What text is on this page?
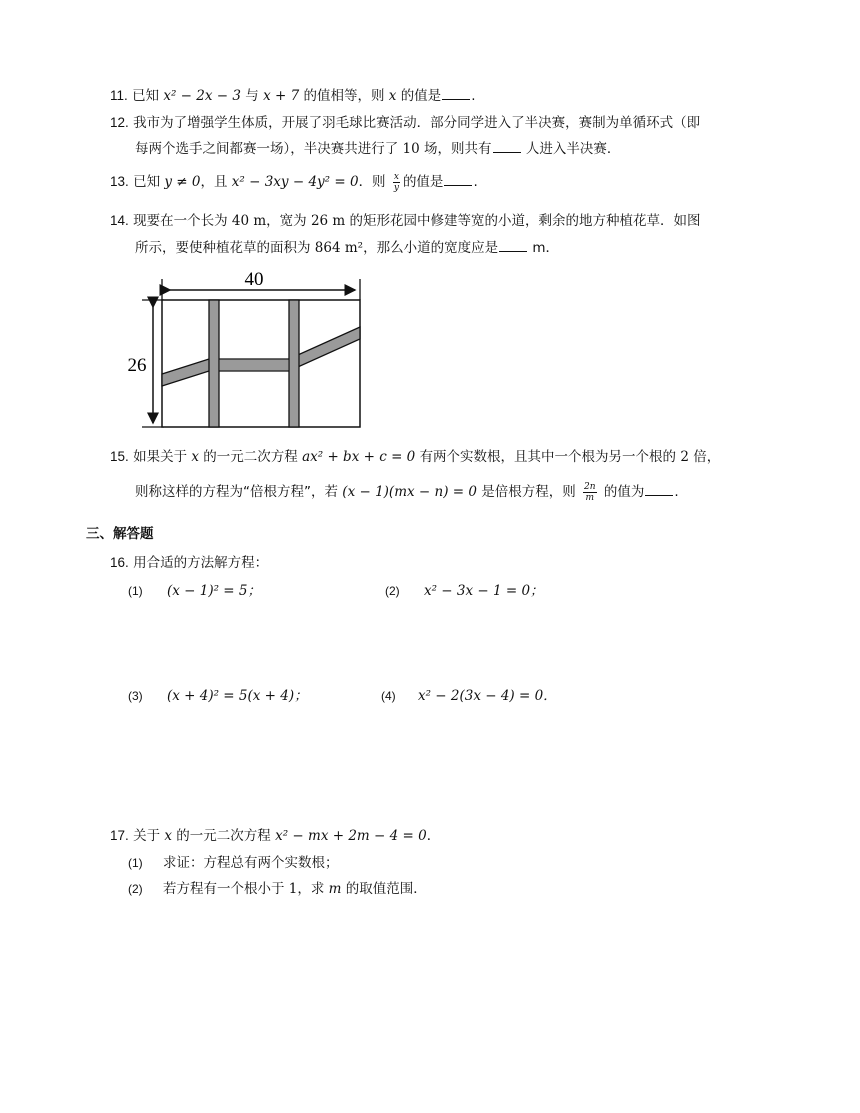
11. 已知 x² − 2x − 3 与 x + 7 的值相等，则 x 的值是 .
12. 我市为了增强学生体质，开展了羽毛球比赛活动．部分同学进入了半决赛，赛制为单循环式（即
每两个选手之间都赛一场），半决赛共进行了 10 场，则共有	人进入半决赛．
13. 已知 y ≠ 0，且 x² − 3xy − 4y² = 0．则 $\frac{x}{y}$ 的值是 .
14. 现要在一个长为 40 m，宽为 26 m 的矩形花园中修建等宽的小道，剩余的地方种植花草．如图
所示，要使种植花草的面积为 864 m²，那么小道的宽度应是	m．
40
26
15. 如果关于 x 的一元二次方程 ax² + bx + c = 0 有两个实数根，且其中一个根为另一个根的 2 倍，
则称这样的方程为“倍根方程”，若 (x − 1)(mx − n) = 0 是倍根方程，则 $\frac{2n}{m}$ 的值为 .
三、解答题
16. 用合适的方法解方程：
(1) (x − 1)² = 5；	(2) x² − 3x − 1 = 0；
(3) (x + 4)² = 5(x + 4)；	(4) x² − 2(3x − 4) = 0．
17. 关于 x 的一元二次方程 x² − mx + 2m − 4 = 0．
(1) 求证：方程总有两个实数根；
(2) 若方程有一个根小于 1，求 m 的取值范围．
